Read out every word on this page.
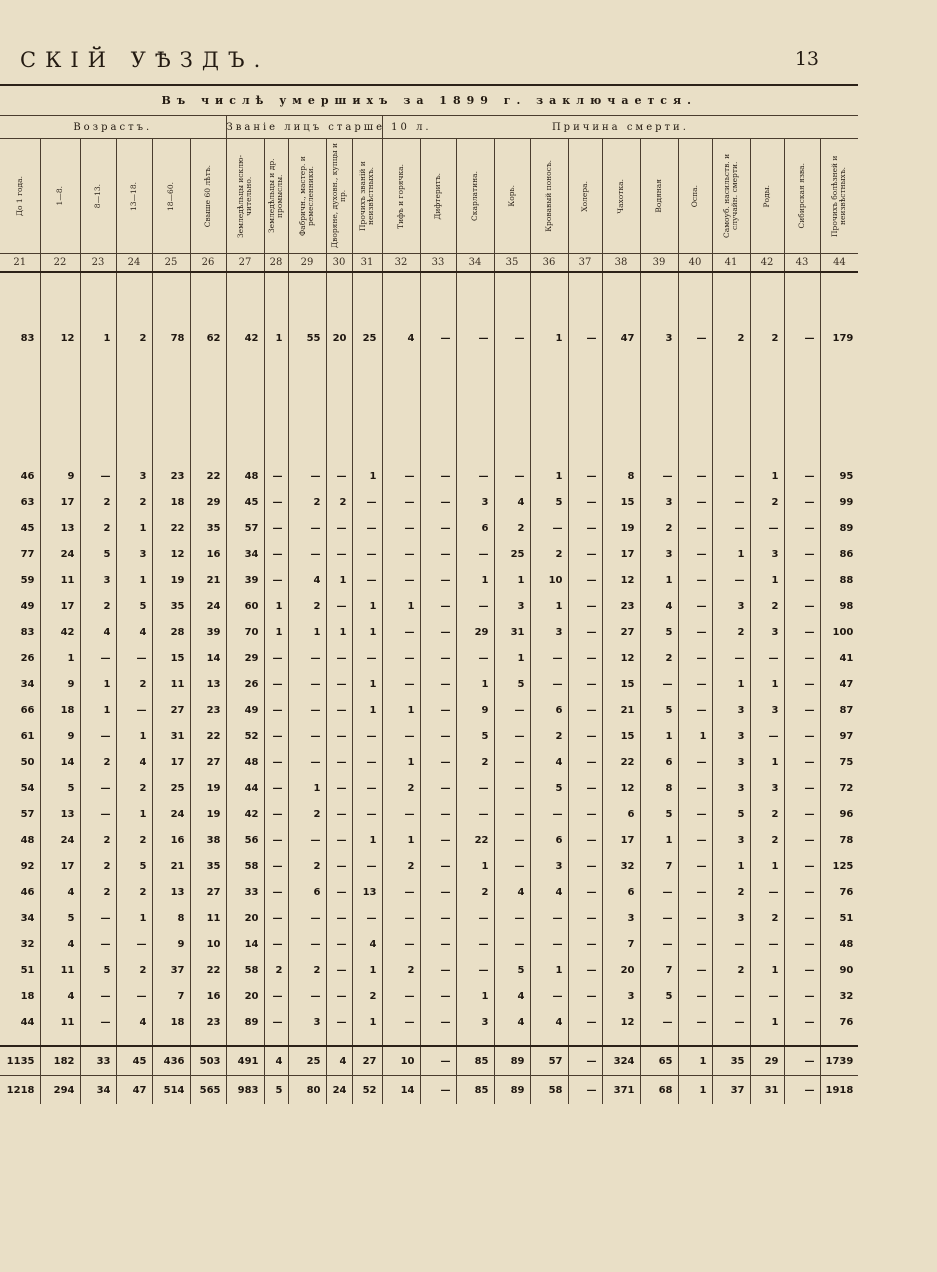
СКІЙ УѢЗДЪ.	13
Въ числѣ умершихъ за 1899 г. заключается.																							
Возрастъ.						Званіе лицъ старше 10 л.					Причина смерти.												

До 1 года.	1—8.	8—13.	13—18.	18—60.	Свыше 60 лѣтъ.	Земледѣльцы исклю-чительно.	Земледѣльцы и др. промыслы.	Фабричн., мастер. и ремесленники.	Дворяне, духовн., купцы и пр.	Прочихъ званій и неизвѣстныхъ.	Тифъ и горячка.	Дифтеритъ.	Скарлатина.	Корь.	Кровавый поносъ.	Холера.	Чахотка.	Водяная	Оспа.	Самоуб. насильств. и случайн. смерти.	Роды.	Сибирская язва.	Прочихъ болѣзней и неизвѣстныхъ.

21	22	23	24	25	26	27	28	29	30	31	32	33	34	35	36	37	38	39	40	41	42	43	44

83	12	1	2	78	62	42	1	55	20	25	4	—	—	—	1	—	47	3	—	2	2	—	179

46	9	—	3	23	22	48	—	—	—	1	—	—	—	—	1	—	8	—	—	—	1	—	95
63	17	2	2	18	29	45	—	2	2	—	—	—	3	4	5	—	15	3	—	—	2	—	99
45	13	2	1	22	35	57	—	—	—	—	—	—	6	2	—	—	19	2	—	—	—	—	89
77	24	5	3	12	16	34	—	—	—	—	—	—	—	25	2	—	17	3	—	1	3	—	86
59	11	3	1	19	21	39	—	4	1	—	—	—	1	1	10	—	12	1	—	—	1	—	88
49	17	2	5	35	24	60	1	2	—	1	1	—	—	3	1	—	23	4	—	3	2	—	98
83	42	4	4	28	39	70	1	1	1	1	—	—	29	31	3	—	27	5	—	2	3	—	100
26	1	—	—	15	14	29	—	—	—	—	—	—	—	1	—	—	12	2	—	—	—	—	41
34	9	1	2	11	13	26	—	—	—	1	—	—	1	5	—	—	15	—	—	1	1	—	47
66	18	1	—	27	23	49	—	—	—	1	1	—	9	—	6	—	21	5	—	3	3	—	87
61	9	—	1	31	22	52	—	—	—	—	—	—	5	—	2	—	15	1	1	3	—	—	97
50	14	2	4	17	27	48	—	—	—	—	1	—	2	—	4	—	22	6	—	3	1	—	75
54	5	—	2	25	19	44	—	1	—	—	2	—	—	—	5	—	12	8	—	3	3	—	72
57	13	—	1	24	19	42	—	2	—	—	—	—	—	—	—	—	6	5	—	5	2	—	96
48	24	2	2	16	38	56	—	—	—	1	1	—	22	—	6	—	17	1	—	3	2	—	78
92	17	2	5	21	35	58	—	2	—	—	2	—	1	—	3	—	32	7	—	1	1	—	125
46	4	2	2	13	27	33	—	6	—	13	—	—	2	4	4	—	6	—	—	2	—	—	76
34	5	—	1	8	11	20	—	—	—	—	—	—	—	—	—	—	3	—	—	3	2	—	51
32	4	—	—	9	10	14	—	—	—	4	—	—	—	—	—	—	7	—	—	—	—	—	48
51	11	5	2	37	22	58	2	2	—	1	2	—	—	5	1	—	20	7	—	2	1	—	90
18	4	—	—	7	16	20	—	—	—	2	—	—	1	4	—	—	3	5	—	—	—	—	32
44	11	—	4	18	23	89	—	3	—	1	—	—	3	4	4	—	12	—	—	—	1	—	76

1135	182	33	45	436	503	491	4	25	4	27	10	—	85	89	57	—	324	65	1	35	29	—	1739
1218	294	34	47	514	565	983	5	80	24	52	14	—	85	89	58	—	371	68	1	37	31	—	1918
